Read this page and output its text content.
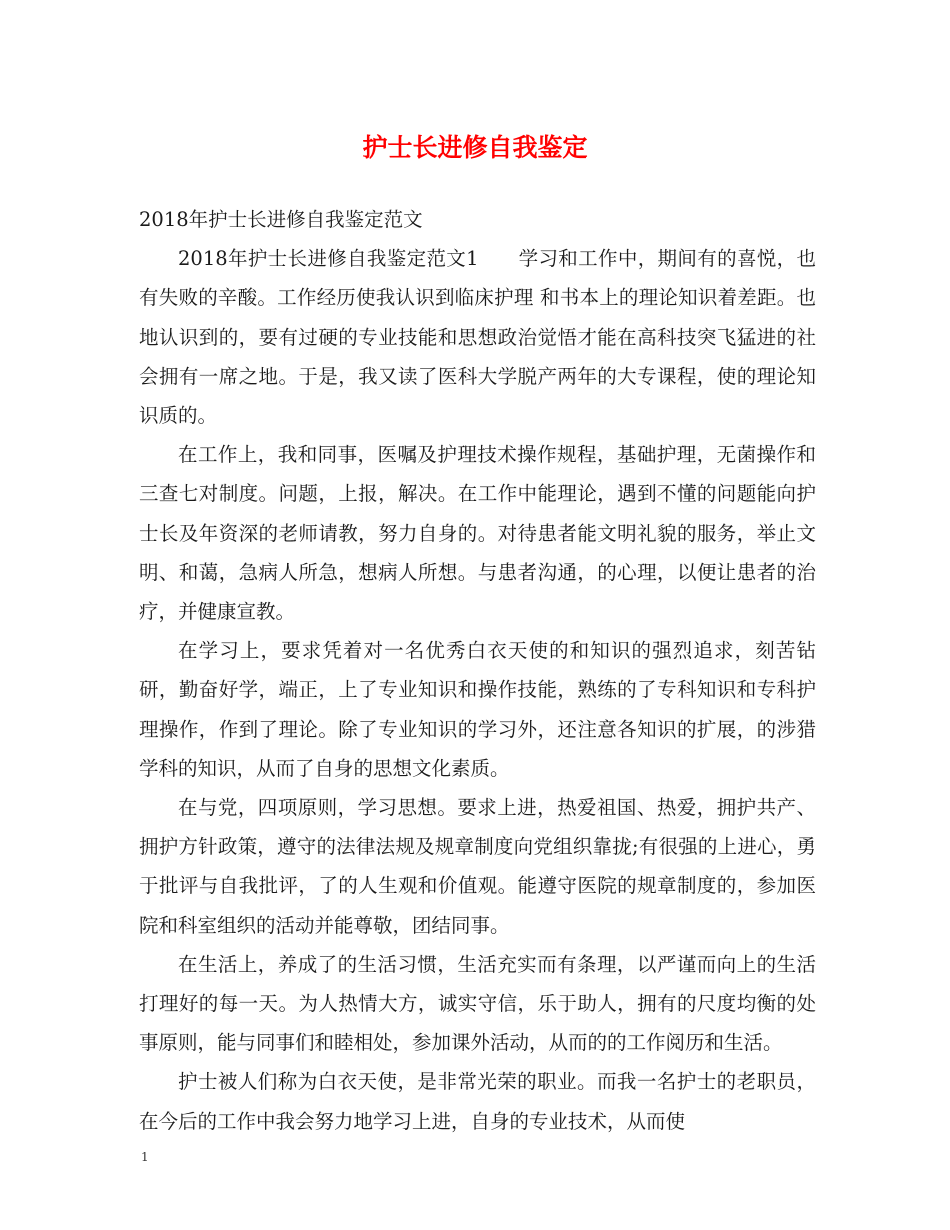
护士长进修自我鉴定

2018年护士长进修自我鉴定范文

2018年护士长进修自我鉴定范文1　　学习和工作中，期间有的喜悦，也有失败的辛酸。工作经历使我认识到临床护理 和书本上的理论知识着差距。也地认识到的，要有过硬的专业技能和思想政治觉悟才能在高科技突飞猛进的社会拥有一席之地。于是，我又读了医科大学脱产两年的大专课程，使的理论知识质的。

在工作上，我和同事，医嘱及护理技术操作规程，基础护理，无菌操作和三查七对制度。问题，上报，解决。在工作中能理论，遇到不懂的问题能向护士长及年资深的老师请教，努力自身的。对待患者能文明礼貌的服务，举止文明、和蔼，急病人所急，想病人所想。与患者沟通，的心理，以便让患者的治疗，并健康宣教。

在学习上，要求凭着对一名优秀白衣天使的和知识的强烈追求，刻苦钻研，勤奋好学，端正，上了专业知识和操作技能，熟练的了专科知识和专科护理操作，作到了理论。除了专业知识的学习外，还注意各知识的扩展，的涉猎学科的知识，从而了自身的思想文化素质。

在与党，四项原则，学习思想。要求上进，热爱祖国、热爱，拥护共产、拥护方针政策，遵守的法律法规及规章制度向党组织靠拢;有很强的上进心，勇于批评与自我批评，了的人生观和价值观。能遵守医院的规章制度的，参加医院和科室组织的活动并能尊敬，团结同事。

在生活上，养成了的生活习惯，生活充实而有条理，以严谨而向上的生活打理好的每一天。为人热情大方，诚实守信，乐于助人，拥有的尺度均衡的处事原则，能与同事们和睦相处，参加课外活动，从而的的工作阅历和生活。

护士被人们称为白衣天使，是非常光荣的职业。而我一名护士的老职员，在今后的工作中我会努力地学习上进，自身的专业技术，从而使

1
